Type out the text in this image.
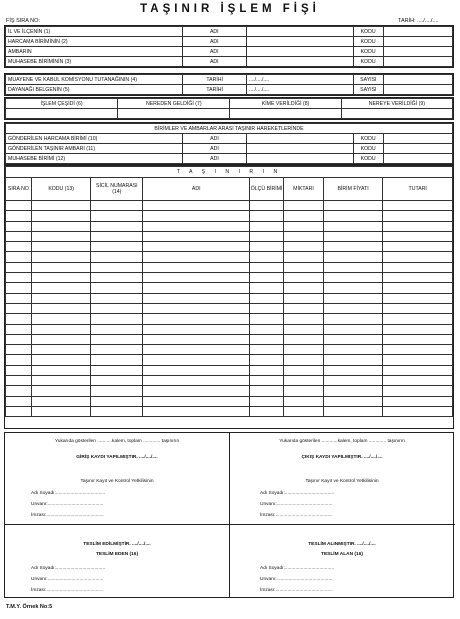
TAŞINIR İŞLEM FİŞİ
FİŞ SIRA NO:	TARİH: ..../..../....
İL VE İLÇENİN (1)	ADI		KODU	
HARCAMA BİRİMİNİN (2)	ADI		KODU	
AMBARIN	ADI		KODU	
MUHASEBE BİRİMİNİN (3)	ADI		KODU	
MUAYENE VE KABUL KOMİSYONU TUTANAĞININ (4)	TARİHİ	..../..../....	SAYISI	
DAYANAĞI BELGENİN (5)	TARİHİ	..../..../....	SAYISI	
İŞLEM ÇEŞİDİ (6)	NEREDEN GELDİĞİ (7)	KİME VERİLDİĞİ (8)	NEREYE VERİLDİĞİ (9)

BİRİMLER VE AMBARLAR ARASI TAŞINIR HAREKETLERİNDE				
GÖNDERİLEN HARCAMA BİRİMİ (10)	ADI		KODU	
GÖNDERİLEN TAŞINIR AMBARI (11)	ADI		KODU	
MUHASEBE BİRİMİ (12)	ADI		KODU	
T A Ş I N I R I N							
SIRA NO	KODU (13)	SİCİL NUMARASI (14)	ADI	ÖLÇÜ BİRİMİ	MİKTARI	BİRİM FİYATI	TUTARI

Yukarıda gösterilen ...........kalem, toplam ............. taşınırın
GİRİŞ KAYDI YAPILMIŞTIR. ..../..../....
Taşınır Kayıt ve Kontrol Yetkilisinin
Adı Soyadı:.....................................
Unvanı:..........................................
İmzası:...........................................
TESLİM EDİLMİŞTİR. ..../..../....
TESLİM EDEN (16)
Adı Soyadı:.....................................
Unvanı:..........................................
İmzası:...........................................
Yukarıda gösterilen ............kalem, toplam ............. taşınırın
ÇIKIŞ KAYDI YAPILMIŞTIR. ..../..../....
Taşınır Kayıt ve Kontrol Yetkilisinin
Adı Soyadı:.....................................
Unvanı:..........................................
İmzası:...........................................
TESLİM ALINMIŞTIR. ..../..../....
TESLİM ALAN (16)
Adı Soyadı:.....................................
Unvanı:..........................................
İmzası:...........................................
T.M.Y. Örnek No:5
